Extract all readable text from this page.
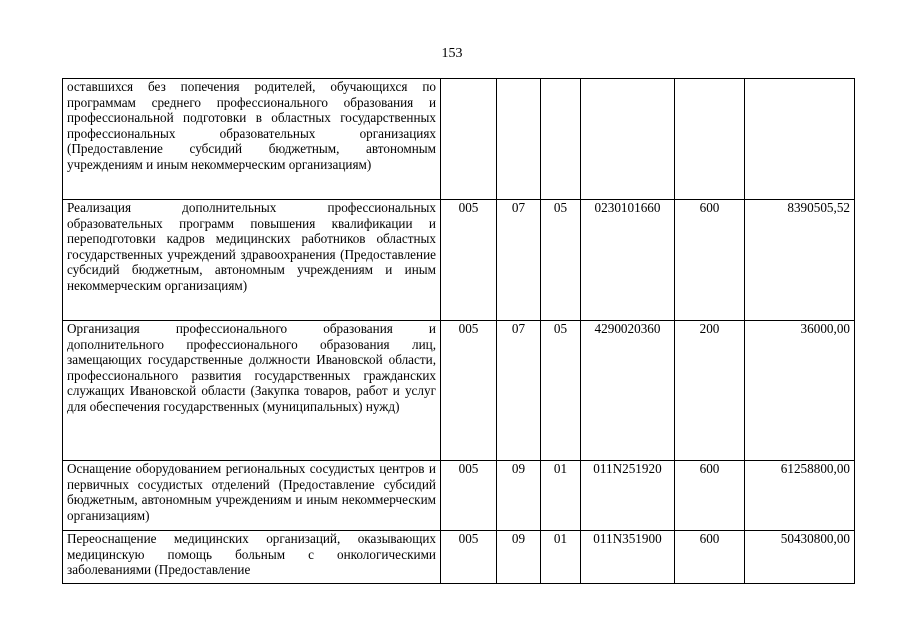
153
оставшихся без попечения родителей, обучающихся по программам среднего профессионального образования и профессиональной подготовки в областных государственных профессиональных образовательных организациях (Предоставление субсидий бюджетным, автономным учреждениям и иным некоммерческим организациям)						
Реализация дополнительных профессиональных образовательных программ повышения квалификации и переподготовки кадров медицинских работников областных государственных учреждений здравоохранения (Предоставление субсидий бюджетным, автономным учреждениям и иным некоммерческим организациям)	005	07	05	0230101660	600	8390505,52
Организация профессионального образования и дополнительного профессионального образования лиц, замещающих государственные должности Ивановской области, профессионального развития государственных гражданских служащих Ивановской области (Закупка товаров, работ и услуг для обеспечения государственных (муниципальных) нужд)	005	07	05	4290020360	200	36000,00
Оснащение оборудованием региональных сосудистых центров и первичных сосудистых отделений (Предоставление субсидий бюджетным, автономным учреждениям и иным некоммерческим организациям)	005	09	01	011N251920	600	61258800,00
Переоснащение медицинских организаций, оказывающих медицинскую помощь больным с онкологическими заболеваниями (Предоставление	005	09	01	011N351900	600	50430800,00
